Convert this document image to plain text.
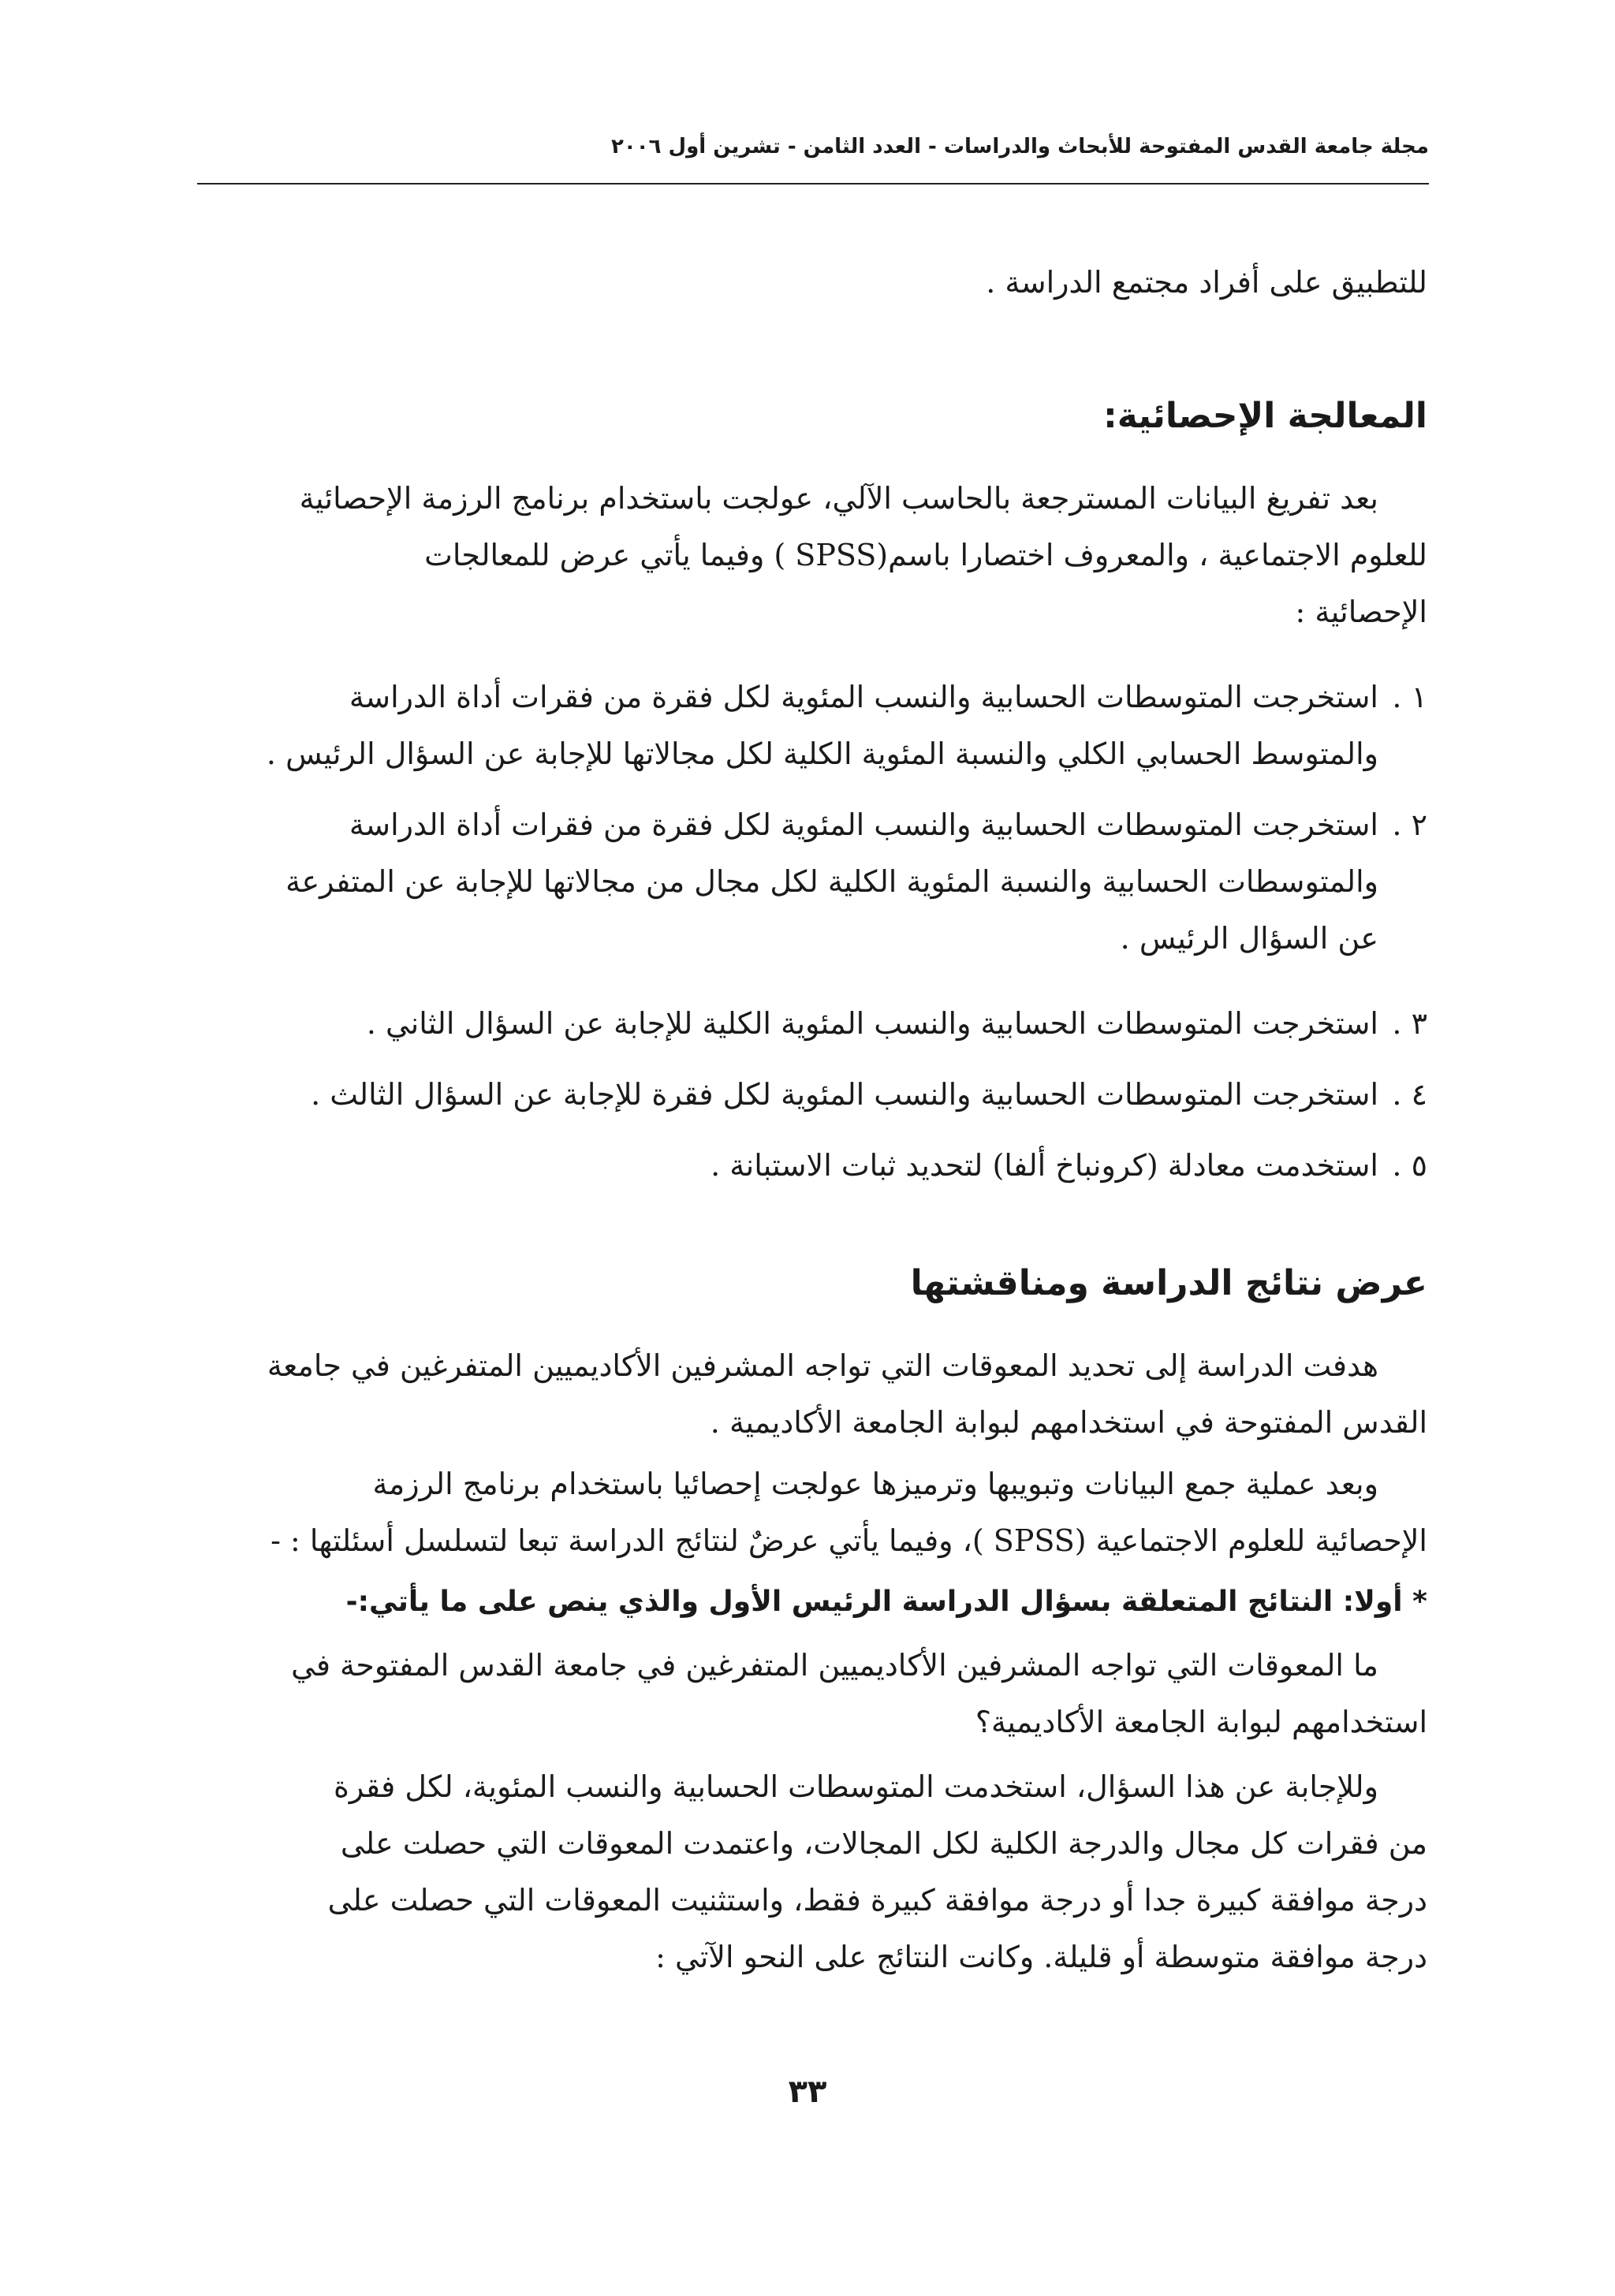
مجلة جامعة القدس المفتوحة للأبحاث والدراسات - العدد الثامن - تشرين أول ٢٠٠٦
للتطبيق على أفراد مجتمع الدراسة .
المعالجة الإحصائية:
بعد تفريغ البيانات المسترجعة بالحاسب الآلي، عولجت باستخدام برنامج الرزمة الإحصائية
للعلوم الاجتماعية ، والمعروف اختصارا باسم(SPSS ) وفيما يأتي عرض للمعالجات
الإحصائية :
١ .
استخرجت المتوسطات الحسابية والنسب المئوية لكل فقرة من فقرات أداة الدراسة
والمتوسط الحسابي الكلي والنسبة المئوية الكلية لكل مجالاتها للإجابة عن السؤال الرئيس .
٢ .
استخرجت المتوسطات الحسابية والنسب المئوية لكل فقرة من فقرات أداة الدراسة
والمتوسطات الحسابية والنسبة المئوية الكلية لكل مجال من مجالاتها للإجابة عن المتفرعة
عن السؤال الرئيس .
٣ .
استخرجت المتوسطات الحسابية والنسب المئوية الكلية للإجابة عن السؤال الثاني .
٤ .
استخرجت المتوسطات الحسابية والنسب المئوية لكل فقرة للإجابة عن السؤال الثالث .
٥ .
استخدمت معادلة (كرونباخ ألفا) لتحديد ثبات الاستبانة .
عرض نتائج الدراسة ومناقشتها
هدفت الدراسة إلى تحديد المعوقات التي تواجه المشرفين الأكاديميين المتفرغين في جامعة
القدس المفتوحة في استخدامهم لبوابة الجامعة الأكاديمية .
وبعد عملية جمع البيانات وتبويبها وترميزها عولجت إحصائيا باستخدام برنامج الرزمة
الإحصائية للعلوم الاجتماعية (SPSS )، وفيما يأتي عرضٌ لنتائج الدراسة تبعا لتسلسل أسئلتها : -
* أولا: النتائج المتعلقة بسؤال الدراسة الرئيس الأول والذي ينص على ما يأتي:-
ما المعوقات التي تواجه المشرفين الأكاديميين المتفرغين في جامعة القدس المفتوحة في
استخدامهم لبوابة الجامعة الأكاديمية؟
وللإجابة عن هذا السؤال، استخدمت المتوسطات الحسابية والنسب المئوية، لكل فقرة
من فقرات كل مجال والدرجة الكلية لكل المجالات، واعتمدت المعوقات التي حصلت على
درجة موافقة كبيرة جدا أو درجة موافقة كبيرة فقط، واستثنيت المعوقات التي حصلت على
درجة موافقة متوسطة أو قليلة. وكانت النتائج على النحو الآتي :
٣٣
